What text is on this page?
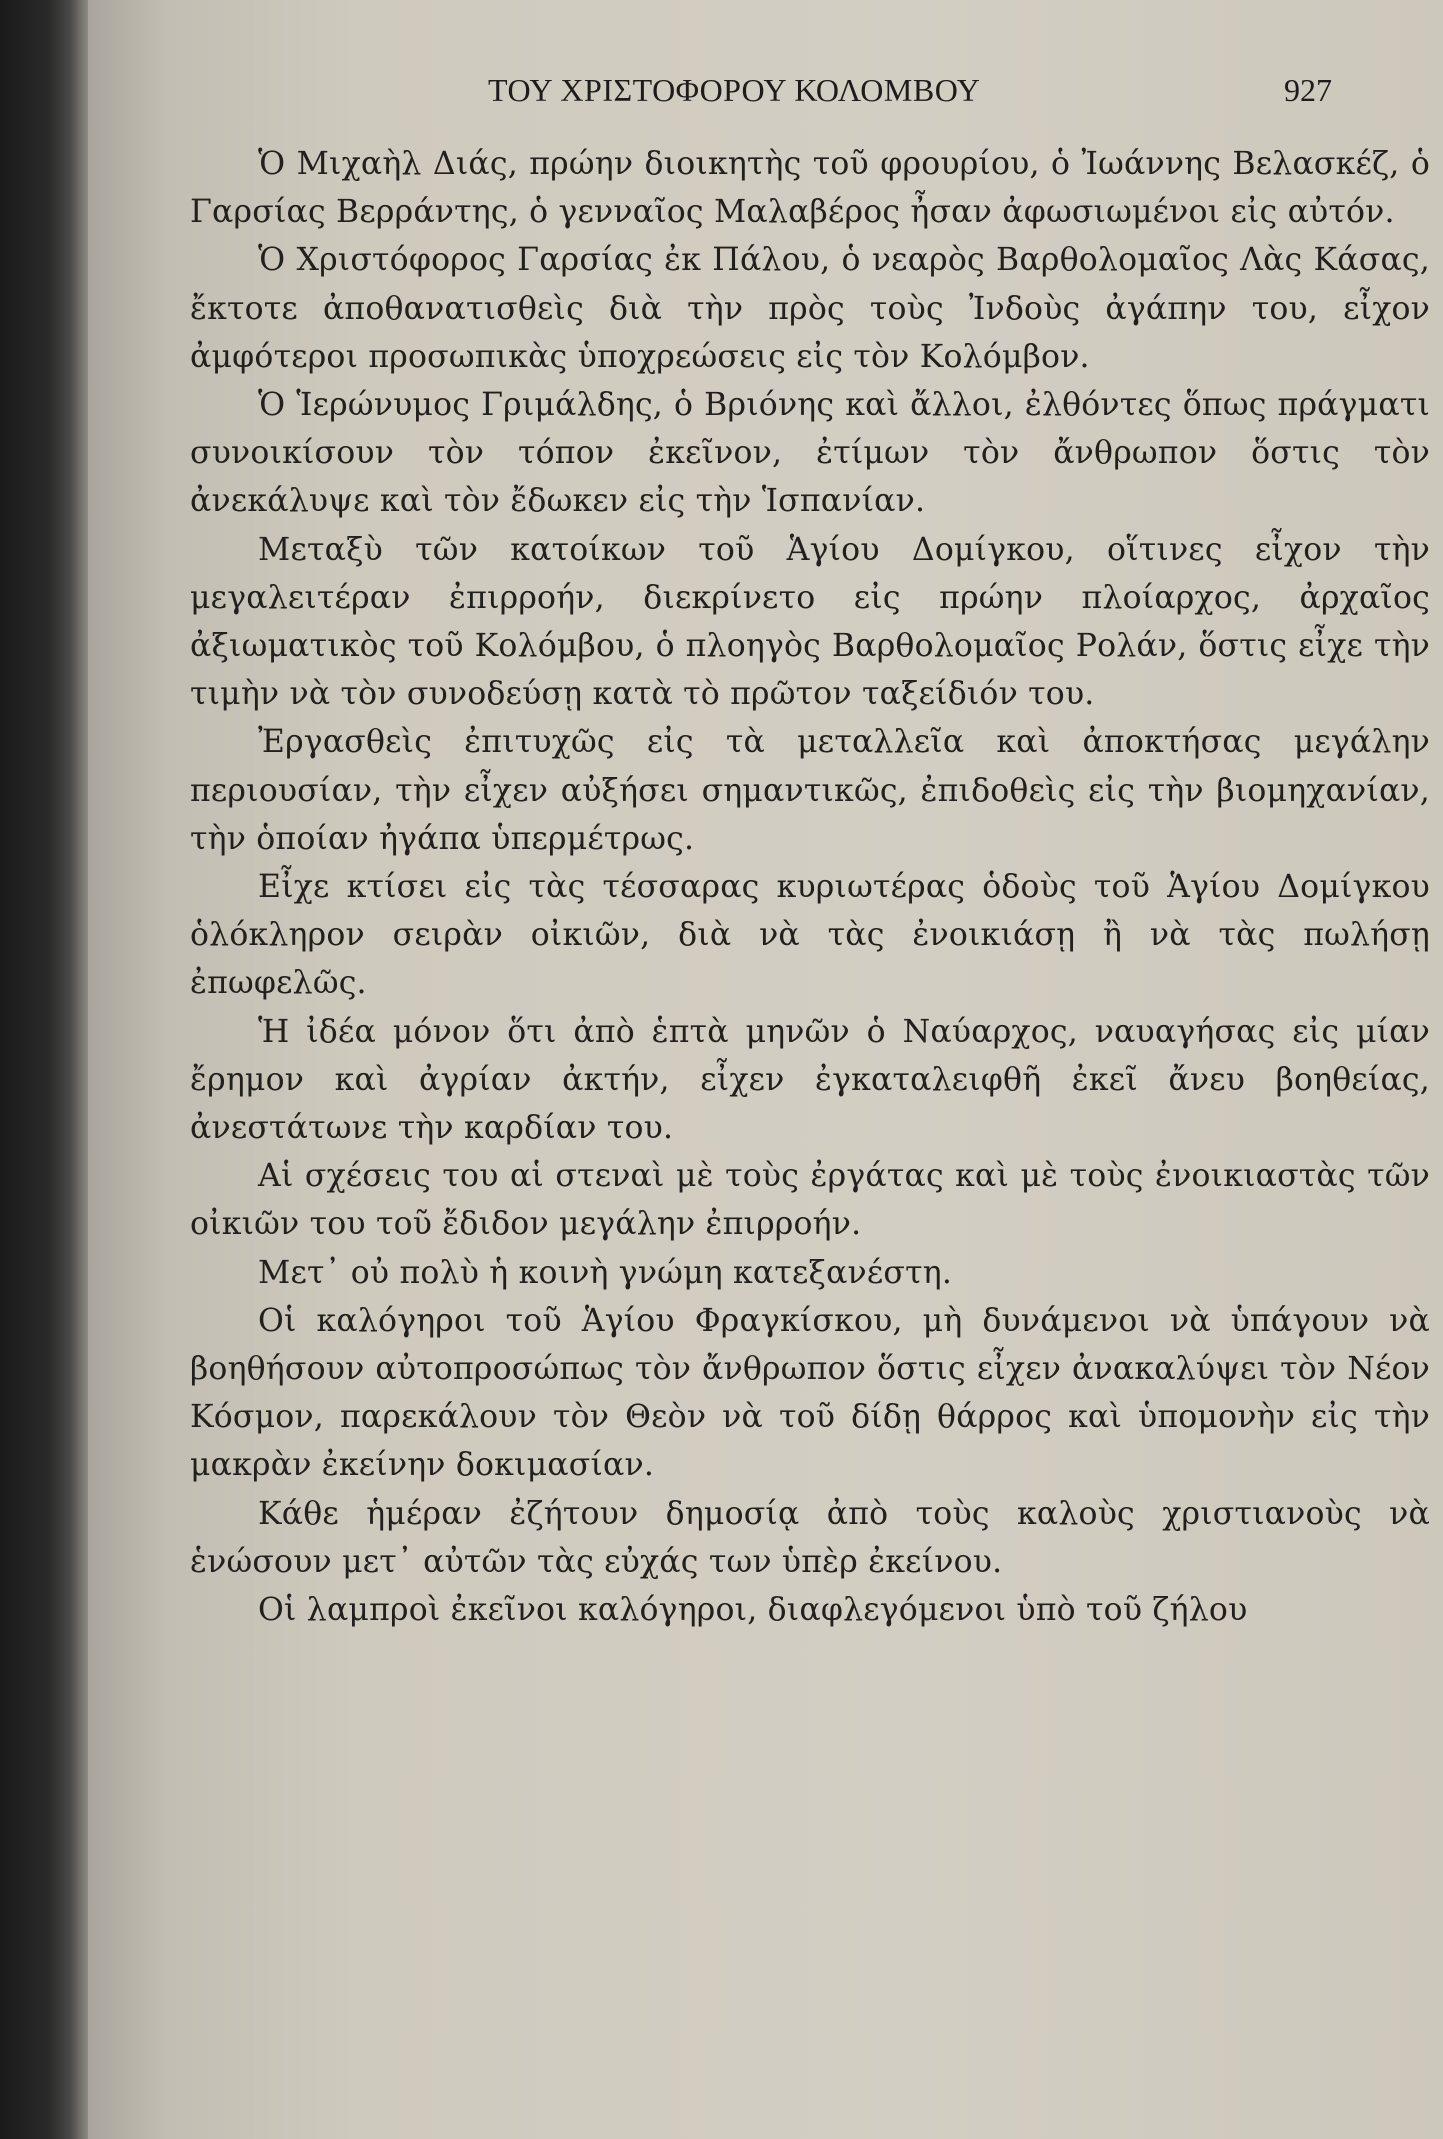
ΤΟΥ ΧΡΙΣΤΟΦΟΡΟΥ ΚΟΛΟΜΒΟΥ	927

Ὁ Μιχαὴλ Διάς, πρώην διοικητὴς τοῦ φρουρίου, ὁ Ἰωάννης Βελασκέζ, ὁ Γαρσίας Βερράντης, ὁ γενναῖος Μαλαβέρος ἦσαν ἀφωσιωμένοι εἰς αὐτόν.

Ὁ Χριστόφορος Γαρσίας ἐκ Πάλου, ὁ νεαρὸς Βαρθολομαῖος Λὰς Κάσας, ἔκτοτε ἀποθανατισθεὶς διὰ τὴν πρὸς τοὺς Ἰνδοὺς ἀγάπην του, εἶχον ἀμφότεροι προσωπικὰς ὑποχρεώσεις εἰς τὸν Κολόμβον.

Ὁ Ἱερώνυμος Γριμάλδης, ὁ Βριόνης καὶ ἄλλοι, ἐλθόντες ὅπως πράγματι συνοικίσουν τὸν τόπον ἐκεῖνον, ἐτίμων τὸν ἄνθρωπον ὅστις τὸν ἀνεκάλυψε καὶ τὸν ἔδωκεν εἰς τὴν Ἱσπανίαν.

Μεταξὺ τῶν κατοίκων τοῦ Ἁγίου Δομίγκου, οἵτινες εἶχον τὴν μεγαλειτέραν ἐπιρροήν, διεκρίνετο εἰς πρώην πλοίαρχος, ἀρχαῖος ἀξιωματικὸς τοῦ Κολόμβου, ὁ πλοηγὸς Βαρθολομαῖος Ρολάν, ὅστις εἶχε τὴν τιμὴν νὰ τὸν συνοδεύσῃ κατὰ τὸ πρῶτον ταξείδιόν του.

Ἐργασθεὶς ἐπιτυχῶς εἰς τὰ μεταλλεῖα καὶ ἀποκτήσας μεγάλην περιουσίαν, τὴν εἶχεν αὐξήσει σημαντικῶς, ἐπιδοθεὶς εἰς τὴν βιομηχανίαν, τὴν ὁποίαν ἠγάπα ὑπερμέτρως.

Εἶχε κτίσει εἰς τὰς τέσσαρας κυριωτέρας ὁδοὺς τοῦ Ἁγίου Δομίγκου ὁλόκληρον σειρὰν οἰκιῶν, διὰ νὰ τὰς ἐνοικιάσῃ ἢ νὰ τὰς πωλήσῃ ἐπωφελῶς.

Ἡ ἰδέα μόνον ὅτι ἀπὸ ἑπτὰ μηνῶν ὁ Ναύαρχος, ναυαγήσας εἰς μίαν ἔρημον καὶ ἀγρίαν ἀκτήν, εἶχεν ἐγκαταλειφθῆ ἐκεῖ ἄνευ βοηθείας, ἀνεστάτωνε τὴν καρδίαν του.

Αἱ σχέσεις του αἱ στεναὶ μὲ τοὺς ἐργάτας καὶ μὲ τοὺς ἐνοικιαστὰς τῶν οἰκιῶν του τοῦ ἔδιδον μεγάλην ἐπιρροήν.

Μετ᾽ οὐ πολὺ ἡ κοινὴ γνώμη κατεξανέστη.

Οἱ καλόγηροι τοῦ Ἁγίου Φραγκίσκου, μὴ δυνάμενοι νὰ ὑπάγουν νὰ βοηθήσουν αὐτοπροσώπως τὸν ἄνθρωπον ὅστις εἶχεν ἀνακαλύψει τὸν Νέον Κόσμον, παρεκάλουν τὸν Θεὸν νὰ τοῦ δίδῃ θάρρος καὶ ὑπομονὴν εἰς τὴν μακρὰν ἐκείνην δοκιμασίαν.

Κάθε ἡμέραν ἐζήτουν δημοσίᾳ ἀπὸ τοὺς καλοὺς χριστιανοὺς νὰ ἑνώσουν μετ᾽ αὐτῶν τὰς εὐχάς των ὑπὲρ ἐκείνου.

Οἱ λαμπροὶ ἐκεῖνοι καλόγηροι, διαφλεγόμενοι ὑπὸ τοῦ ζήλου
